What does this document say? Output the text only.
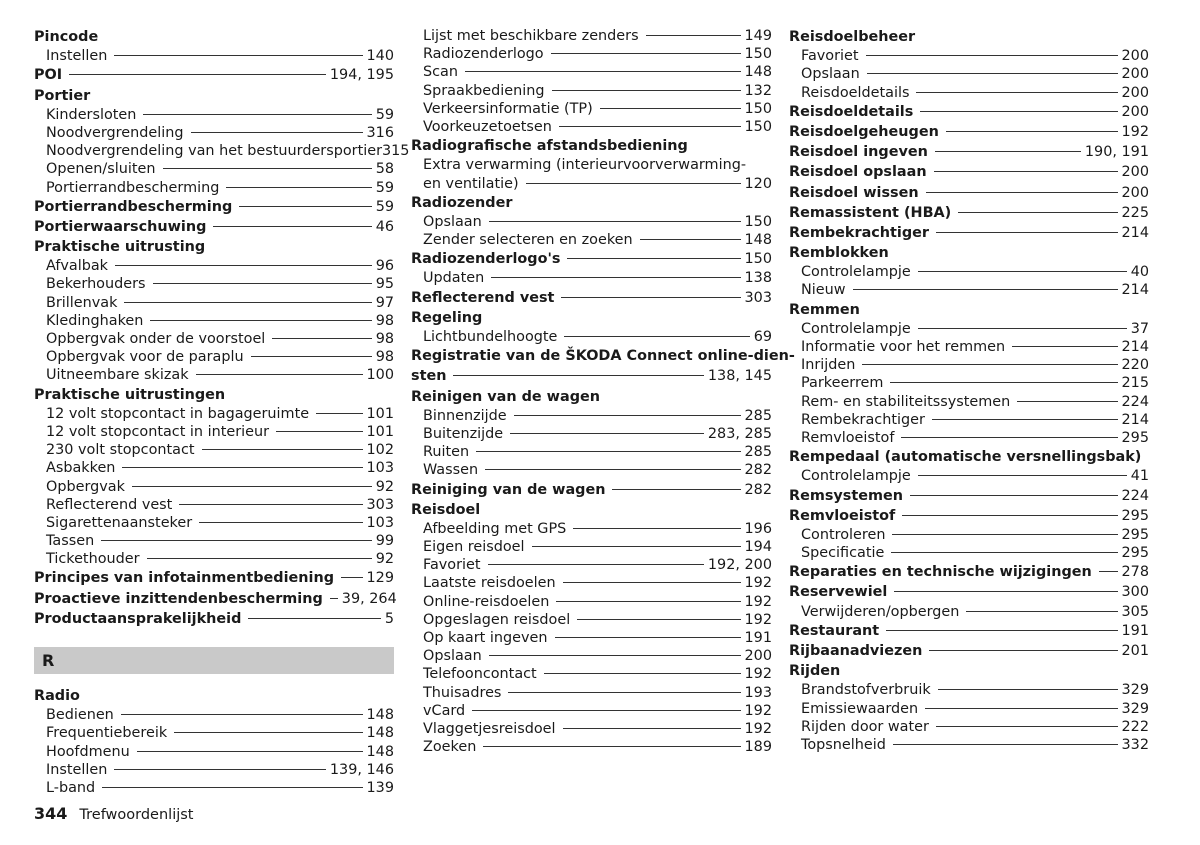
Pincode
Instellen	140
POI	194, 195
Portier
Kindersloten	59
Noodvergrendeling	316
Noodvergrendeling van het bestuurdersportier 315
Openen/sluiten	58
Portierrandbescherming	59
Portierrandbescherming	59
Portierwaarschuwing	46
Praktische uitrusting
Afvalbak	96
Bekerhouders	95
Brillenvak	97
Kledinghaken	98
Opbergvak onder de voorstoel	98
Opbergvak voor de paraplu	98
Uitneembare skizak	100
Praktische uitrustingen
12 volt stopcontact in bagageruimte	101
12 volt stopcontact in interieur	101
230 volt stopcontact	102
Asbakken	103
Opbergvak	92
Reflecterend vest	303
Sigarettenaansteker	103
Tassen	99
Tickethouder	92
Principes van infotainmentbediening 129
Proactieve inzittendenbescherming 39, 264
Productaansprakelijkheid	5
R
Radio
Bedienen	148
Frequentiebereik	148
Hoofdmenu	148
Instellen	139, 146
L-band	139
Lijst met beschikbare zenders	149
Radiozenderlogo	150
Scan	148
Spraakbediening	132
Verkeersinformatie (TP)	150
Voorkeuzetoetsen	150
Radiografische afstandsbediening
Extra verwarming (interieurvoorverwarming-
en ventilatie)	120
Radiozender
Opslaan	150
Zender selecteren en zoeken	148
Radiozenderlogo's	150
Updaten	138
Reflecterend vest	303
Regeling
Lichtbundelhoogte	69
Registratie van de ŠKODA Connect online-dien-
sten	138, 145
Reinigen van de wagen
Binnenzijde	285
Buitenzijde	283, 285
Ruiten	285
Wassen	282
Reiniging van de wagen	282
Reisdoel
Afbeelding met GPS	196
Eigen reisdoel	194
Favoriet	192, 200
Laatste reisdoelen	192
Online-reisdoelen	192
Opgeslagen reisdoel	192
Op kaart ingeven	191
Opslaan	200
Telefooncontact	192
Thuisadres	193
vCard	192
Vlaggetjesreisdoel	192
Zoeken	189
Reisdoelbeheer
Favoriet	200
Opslaan	200
Reisdoeldetails	200
Reisdoeldetails	200
Reisdoelgeheugen	192
Reisdoel ingeven	190, 191
Reisdoel opslaan	200
Reisdoel wissen	200
Remassistent (HBA)	225
Rembekrachtiger	214
Remblokken
Controlelampje	40
Nieuw	214
Remmen
Controlelampje	37
Informatie voor het remmen	214
Inrijden	220
Parkeerrem	215
Rem- en stabiliteitssystemen	224
Rembekrachtiger	214
Remvloeistof	295
Rempedaal (automatische versnellingsbak)
Controlelampje	41
Remsystemen	224
Remvloeistof	295
Controleren	295
Specificatie	295
Reparaties en technische wijzigingen 278
Reservewiel	300
Verwijderen/opbergen	305
Restaurant	191
Rijbaanadviezen	201
Rijden
Brandstofverbruik	329
Emissiewaarden	329
Rijden door water	222
Topsnelheid	332
344 Trefwoordenlijst
